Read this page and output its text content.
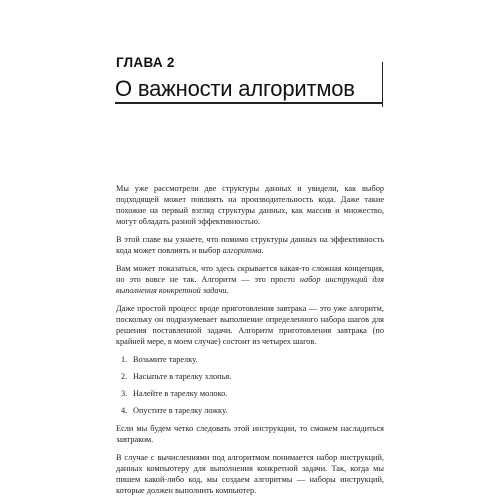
ГЛАВА 2
О важности алгоритмов

Мы уже рассмотрели две структуры данных и увидели, как выбор подходящей может повлиять на производительность кода. Даже такие похожие на первый взгляд структуры данных, как массив и множество, могут обладать разной эффективностью.

В этой главе вы узнаете, что помимо структуры данных на эффективность кода может повлиять и выбор алгоритма.

Вам может показаться, что здесь скрывается какая-то сложная концепция, но это вовсе не так. Алгоритм — это просто набор инструкций для выполнения конкретной задачи.

Даже простой процесс вроде приготовления завтрака — это уже алгоритм, поскольку он подразумевает выполнение определенного набора шагов для решения поставленной задачи. Алгоритм приготовления завтрака (по крайней мере, в моем случае) состоит из четырех шагов.

1. Возьмите тарелку.
2. Насыпьте в тарелку хлопья.
3. Налейте в тарелку молоко.
4. Опустите в тарелку ложку.

Если мы будем четко следовать этой инструкции, то сможем насладиться завтраком.

В случае с вычислениями под алгоритмом понимается набор инструкций, данных компьютеру для выполнения конкретной задачи. Так, когда мы пишем какой-либо код, мы создаем алгоритмы — наборы инструкций, которые должен выполнить компьютер.
